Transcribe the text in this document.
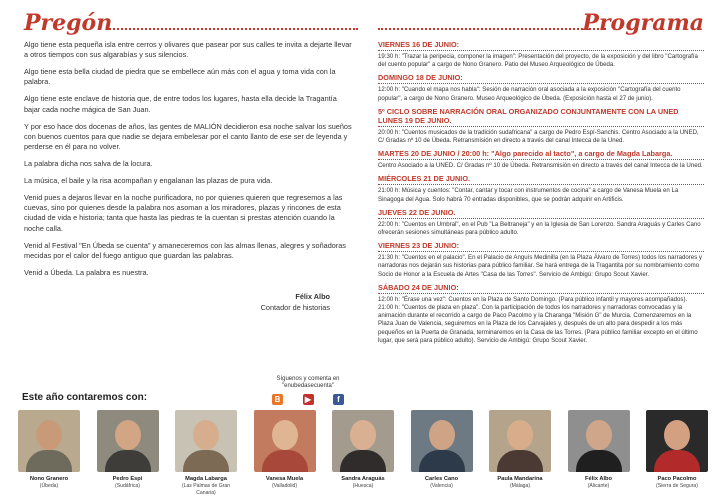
Pregón

Algo tiene esta pequeña isla entre cerros y olivares que pasear por sus calles te invita a dejarte llevar a otros tiempos con sus algarabías y sus silencios.

Algo tiene esta bella ciudad de piedra que se embellece aún más con el agua y toma vida con la palabra.

Algo tiene este enclave de historia que, de entre todos los lugares, hasta ella decide la Tragantía bajar cada noche mágica de San Juan.

Y por eso hace dos docenas de años, las gentes de MALIÓN decidieron esa noche salvar los sueños con buenos cuentos para que nadie se dejara embelesar por el canto llanto de ese ser de leyenda y perderse en él para no volver.

La palabra dicha nos salva de la locura.

La música, el baile y la risa acompañan y engalanan las plazas de pura vida.

Venid pues a dejaros llevar en la noche purificadora, no por quienes quieren que regresemos a las cuevas, sino por quienes desde la palabra nos asoman a los miradores, plazas y rincones de esta ciudad de vida e historia; tanta que hasta las piedras te la cuentan si prestas atención cuando la noche calla.

Venid al Festival "En Úbeda se cuenta" y amaneceremos con las almas llenas, alegres y soñadoras mecidas por el calor del fuego antiguo que guardan las palabras.

Venid a Úbeda. La palabra es nuestra.

Félix Albo
Contador de historias
Programa
VIERNES 16 DE JUNIO:
19:30 h: "Trazar la peripecia, componer la imagen": Presentación del proyecto, de la exposición y del libro "Cartografía del cuento popular" a cargo de Nono Granero. Patio del Museo Arqueológico de Úbeda.
DOMINGO 18 DE JUNIO:
12:00 h: "Cuando el mapa nos habla": Sesión de narración oral asociada a la exposición "Cartografía del cuento popular", a cargo de Nono Granero. Museo Arqueológico de Úbeda. (Exposición hasta el 27 de junio).
5º CICLO SOBRE NARRACIÓN ORAL ORGANIZADO CONJUNTAMENTE CON LA UNED LUNES 19 DE JUNIO.
20:00 h: "Cuentos musicados de la tradición sudafricana" a cargo de Pedro Espí-Sanchis. Centro Asociado a la UNED, C/ Gradas nº 10 de Úbeda. Retransmisión en directo a través del canal Intecca de la Uned.
MARTES 20 DE JUNIO / 20:00 h: "Algo parecido al tacto", a cargo de Magda Labarga.
Centro Asociado a la UNED. C/ Gradas nº 10 de Úbeda. Retransmisión en directo a través del canal Intecca de la Uned.
MIÉRCOLES 21 DE JUNIO.
21:00 h: Música y cuentos: "Contar, cantar y tocar con instrumentos de cocina" a cargo de Vanesa Muela en La Sinagoga del Agua. Solo habrá 70 entradas disponibles, que se podrán adquirir en Artificis.
JUEVES 22 DE JUNIO.
22:00 h: "Cuentos en Umbral", en el Pub "La Beltraneja" y en la Iglesia de San Lorenzo. Sandra Araguás y Carles Cano ofrecerán sesiones simultáneas para público adulto.
VIERNES 23 DE JUNIO:
21:30 h: "Cuentos en el palacio". En el Palacio de Anguís Medinilla (en la Plaza Álvaro de Torres) todos los narradores y narradoras nos dejarán sus historias para público familiar. Se hará entrega de la Tragantita por su nombramiento como Socio de Honor a la Escuela de Artes "Casa de las Torres". Servicio de Ambigú: Grupo Scout Xavier.
SÁBADO 24 DE JUNIO:
12:00 h: "Érase una vez": Cuentos en la Plaza de Santo Domingo. (Para público infantil y mayores acompañados). 21:00 h: "Cuentos de plaza en plaza". Con la participación de todos los narradores y narradoras convocadas y la animación durante el recorrido a cargo de Paco Pacolmo y la Charanga "Misión G" de Murcia. Comenzaremos en la Plaza Juan de Valencia, seguiremos en la Plaza de los Carvajales y, después de un alto para despedir a los más pequeños en la Puerta de Granada, terminaremos en la Casa de las Torres. (Para público familiar excepto en el último lugar, que será para público adulto). Servicio de Ambigú: Grupo Scout Xavier.
Síguenos y comenta en "enubedasecuenta"
B	▶	f
Este año contaremos con:
Nono Granero
(Úbeda)
Pedro Espi
(Sudáfrica)
Magda Labarga
(Las Palmas de Gran Canaria)
Vanesa Muela
(Valladolid)
Sandra Araguás
(Huesca)
Carles Cano
(Valencia)
Paula Mandarina
(Málaga)
Félix Albo
(Alicante)
Paco Pacolmo
(Sierra de Segura)
